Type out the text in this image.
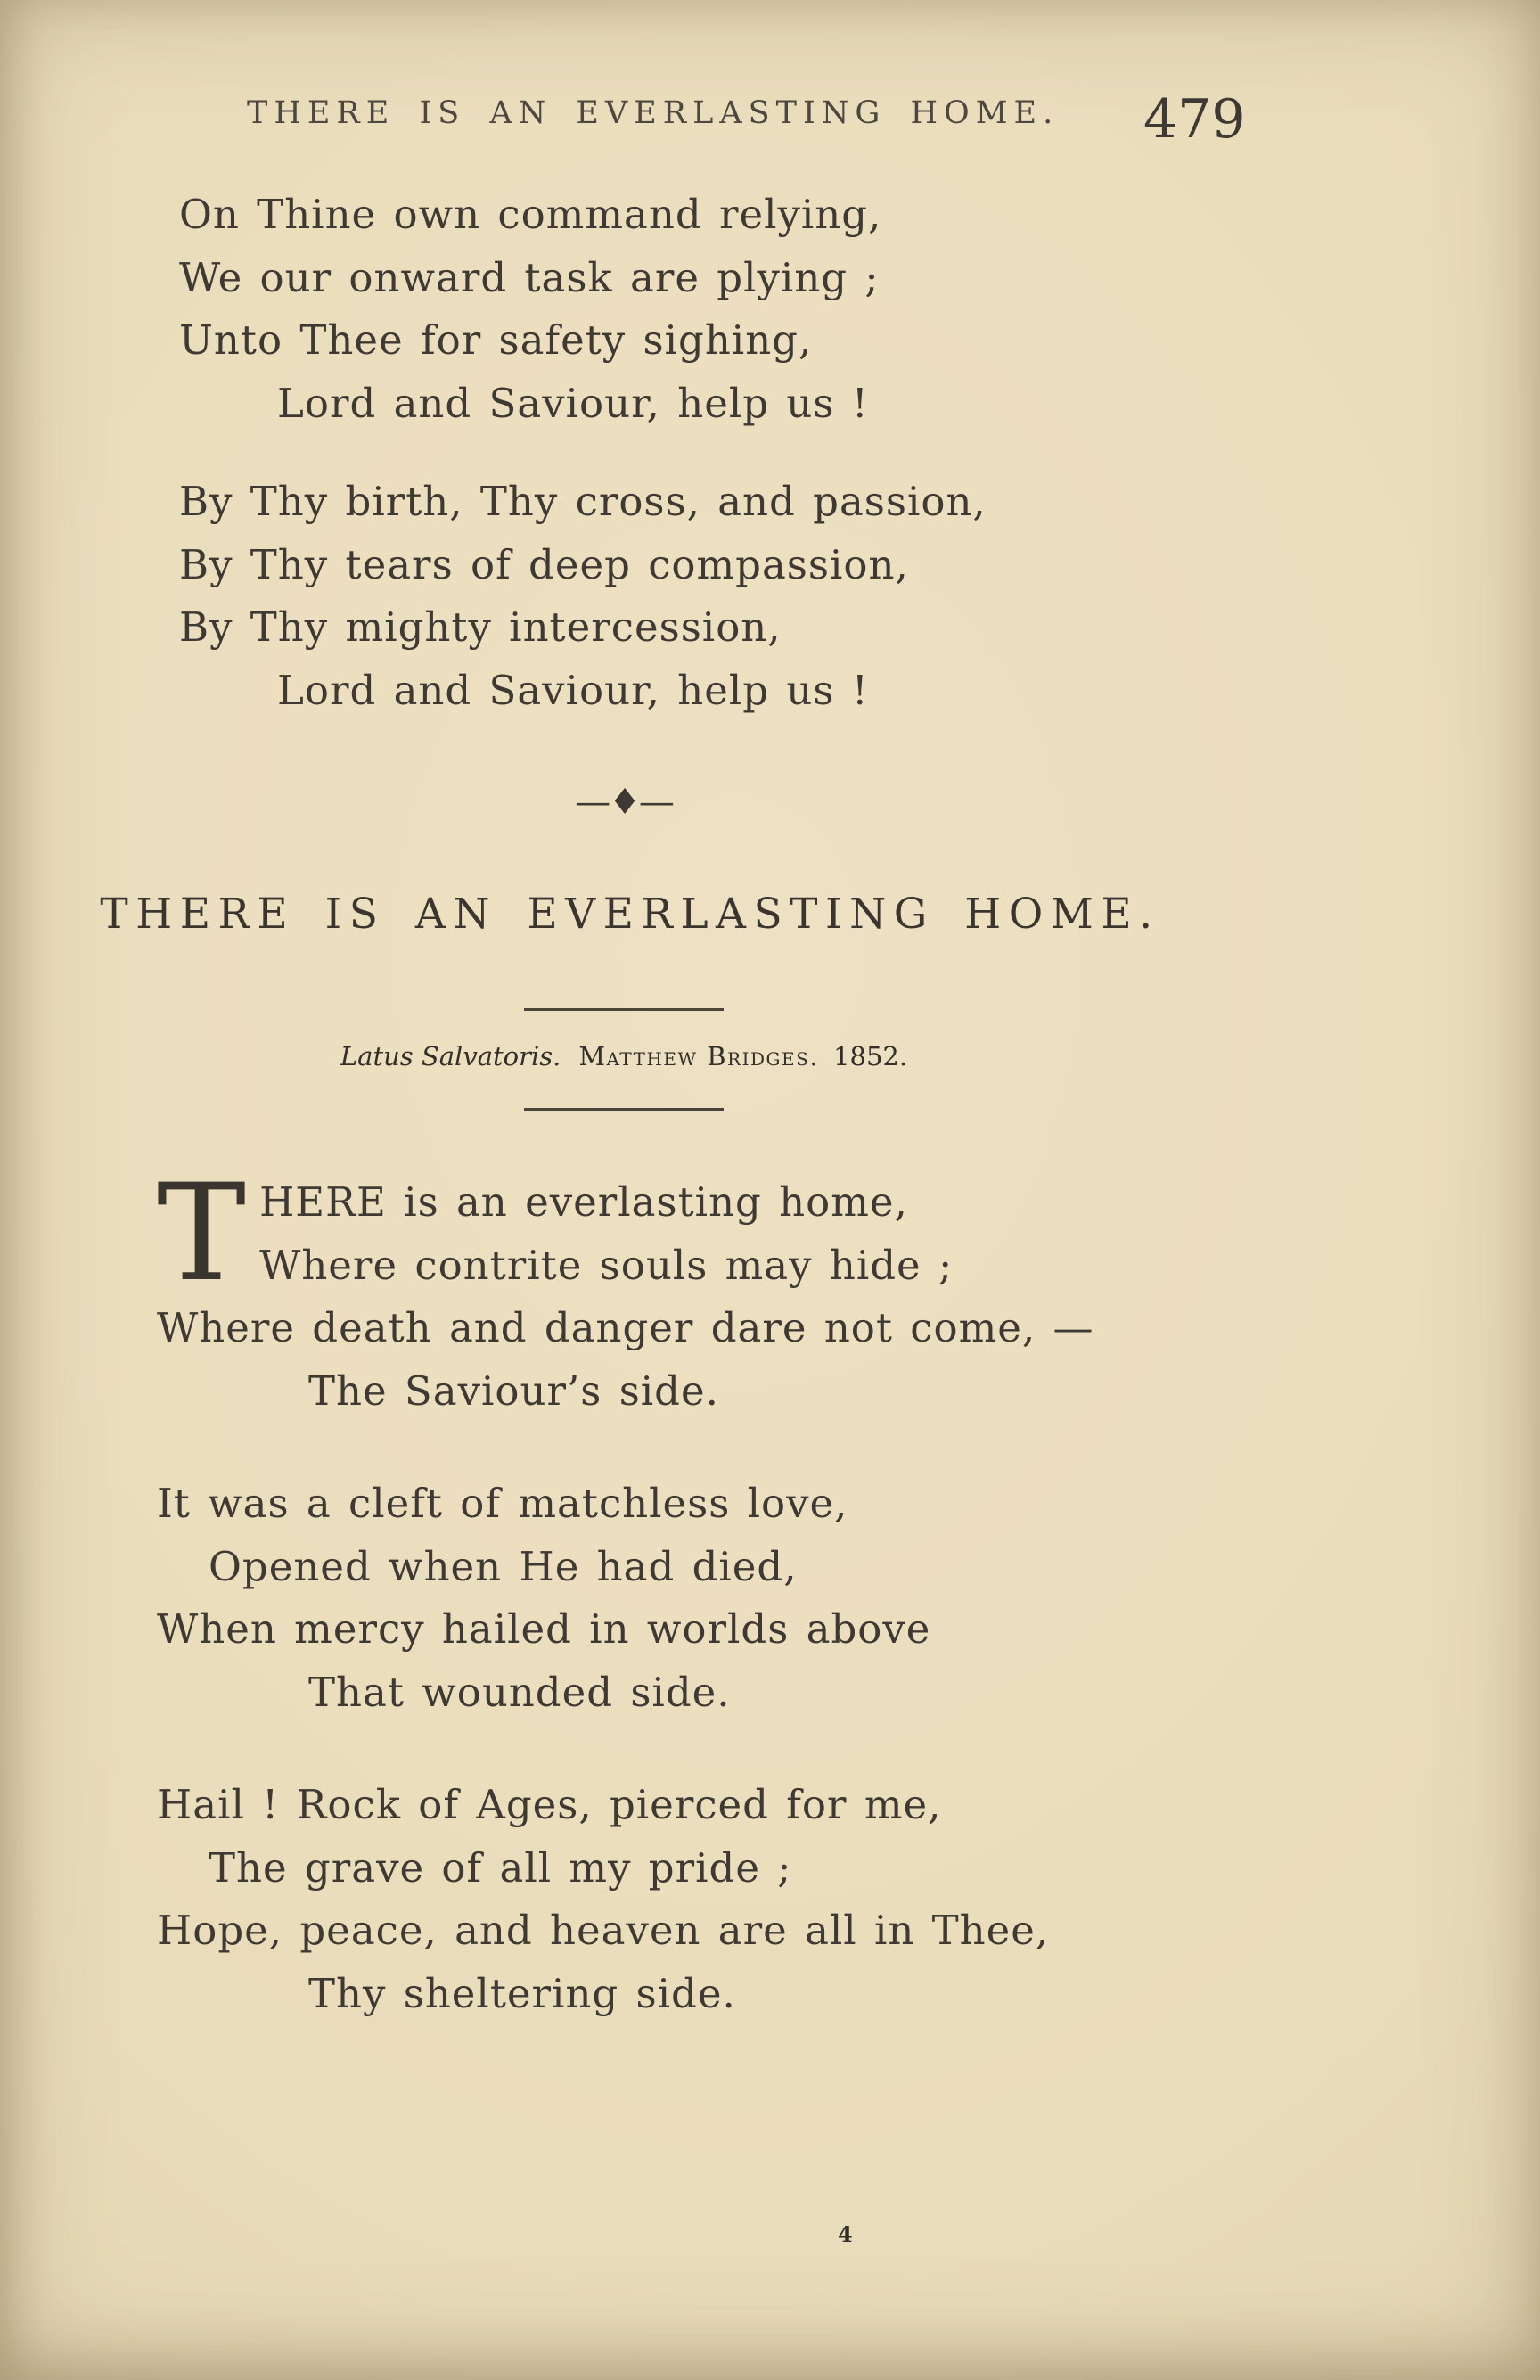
THERE IS AN EVERLASTING HOME. 479
On Thine own command relying,
We our onward task are plying ;
Unto Thee for safety sighing,
Lord and Saviour, help us !
By Thy birth, Thy cross, and passion,
By Thy tears of deep compassion,
By Thy mighty intercession,
Lord and Saviour, help us !
—♦—
THERE IS AN EVERLASTING HOME.
Latus Salvatoris. Matthew Bridges. 1852.
T HERE is an everlasting home,
Where contrite souls may hide ;
Where death and danger dare not come, —
The Saviour’s side.
It was a cleft of matchless love,
Opened when He had died,
When mercy hailed in worlds above
That wounded side.
Hail ! Rock of Ages, pierced for me,
The grave of all my pride ;
Hope, peace, and heaven are all in Thee,
Thy sheltering side.
4
